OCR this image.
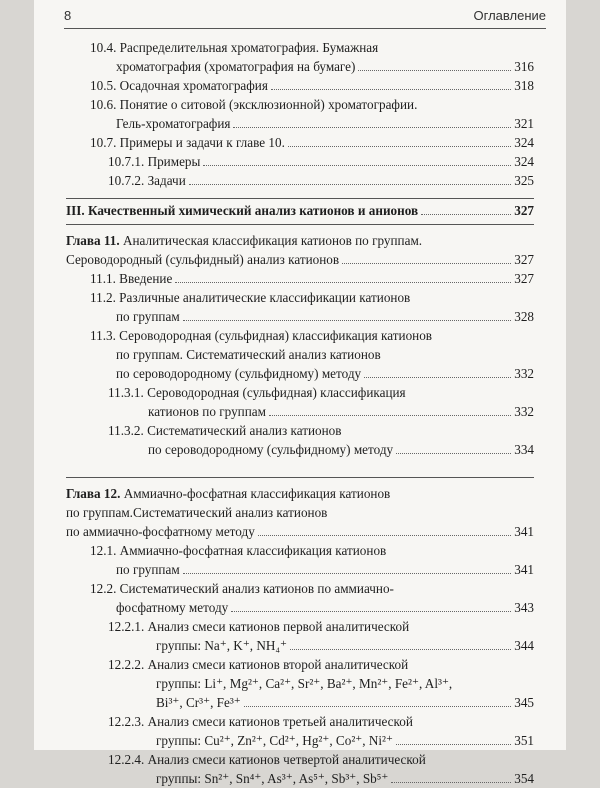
8	Оглавление
10.4. Распределительная хроматография. Бумажная
хроматография (хроматография на бумаге)	316
10.5. Осадочная хроматография	318
10.6. Понятие о ситовой (эксклюзионной) хроматографии.
Гель-хроматография	321
10.7. Примеры и задачи к главе 10.	324
10.7.1. Примеры	324
10.7.2. Задачи	325
III. Качественный химический анализ катионов и анионов	327
Глава 11. Аналитическая классификация катионов по группам.
Сероводородный (сульфидный) анализ катионов	327
11.1. Введение	327
11.2. Различные аналитические классификации катионов
по группам	328
11.3. Сероводородная (сульфидная) классификация катионов
по группам. Систематический анализ катионов
по сероводородному (сульфидному) методу	332
11.3.1. Сероводородная (сульфидная) классификация
катионов по группам	332
11.3.2. Систематический анализ катионов
по сероводородному (сульфидному) методу	334
Глава 12. Аммиачно-фосфатная классификация катионов
по группам.Систематический анализ катионов
по аммиачно-фосфатному методу	341
12.1. Аммиачно-фосфатная классификация катионов
по группам	341
12.2. Систематический анализ катионов по аммиачно-
фосфатному методу	343
12.2.1. Анализ смеси катионов первой аналитической
группы: Na⁺, K⁺, NH₄⁺	344
12.2.2. Анализ смеси катионов второй аналитической
группы: Li⁺, Mg²⁺, Ca²⁺, Sr²⁺, Ba²⁺, Mn²⁺, Fe²⁺, Al³⁺,
Bi³⁺, Cr³⁺, Fe³⁺	345
12.2.3. Анализ смеси катионов третьей аналитической
группы: Cu²⁺, Zn²⁺, Cd²⁺, Hg²⁺, Co²⁺, Ni²⁺	351
12.2.4. Анализ смеси катионов четвертой аналитической
группы: Sn²⁺, Sn⁴⁺, As³⁺, As⁵⁺, Sb³⁺, Sb⁵⁺	354
